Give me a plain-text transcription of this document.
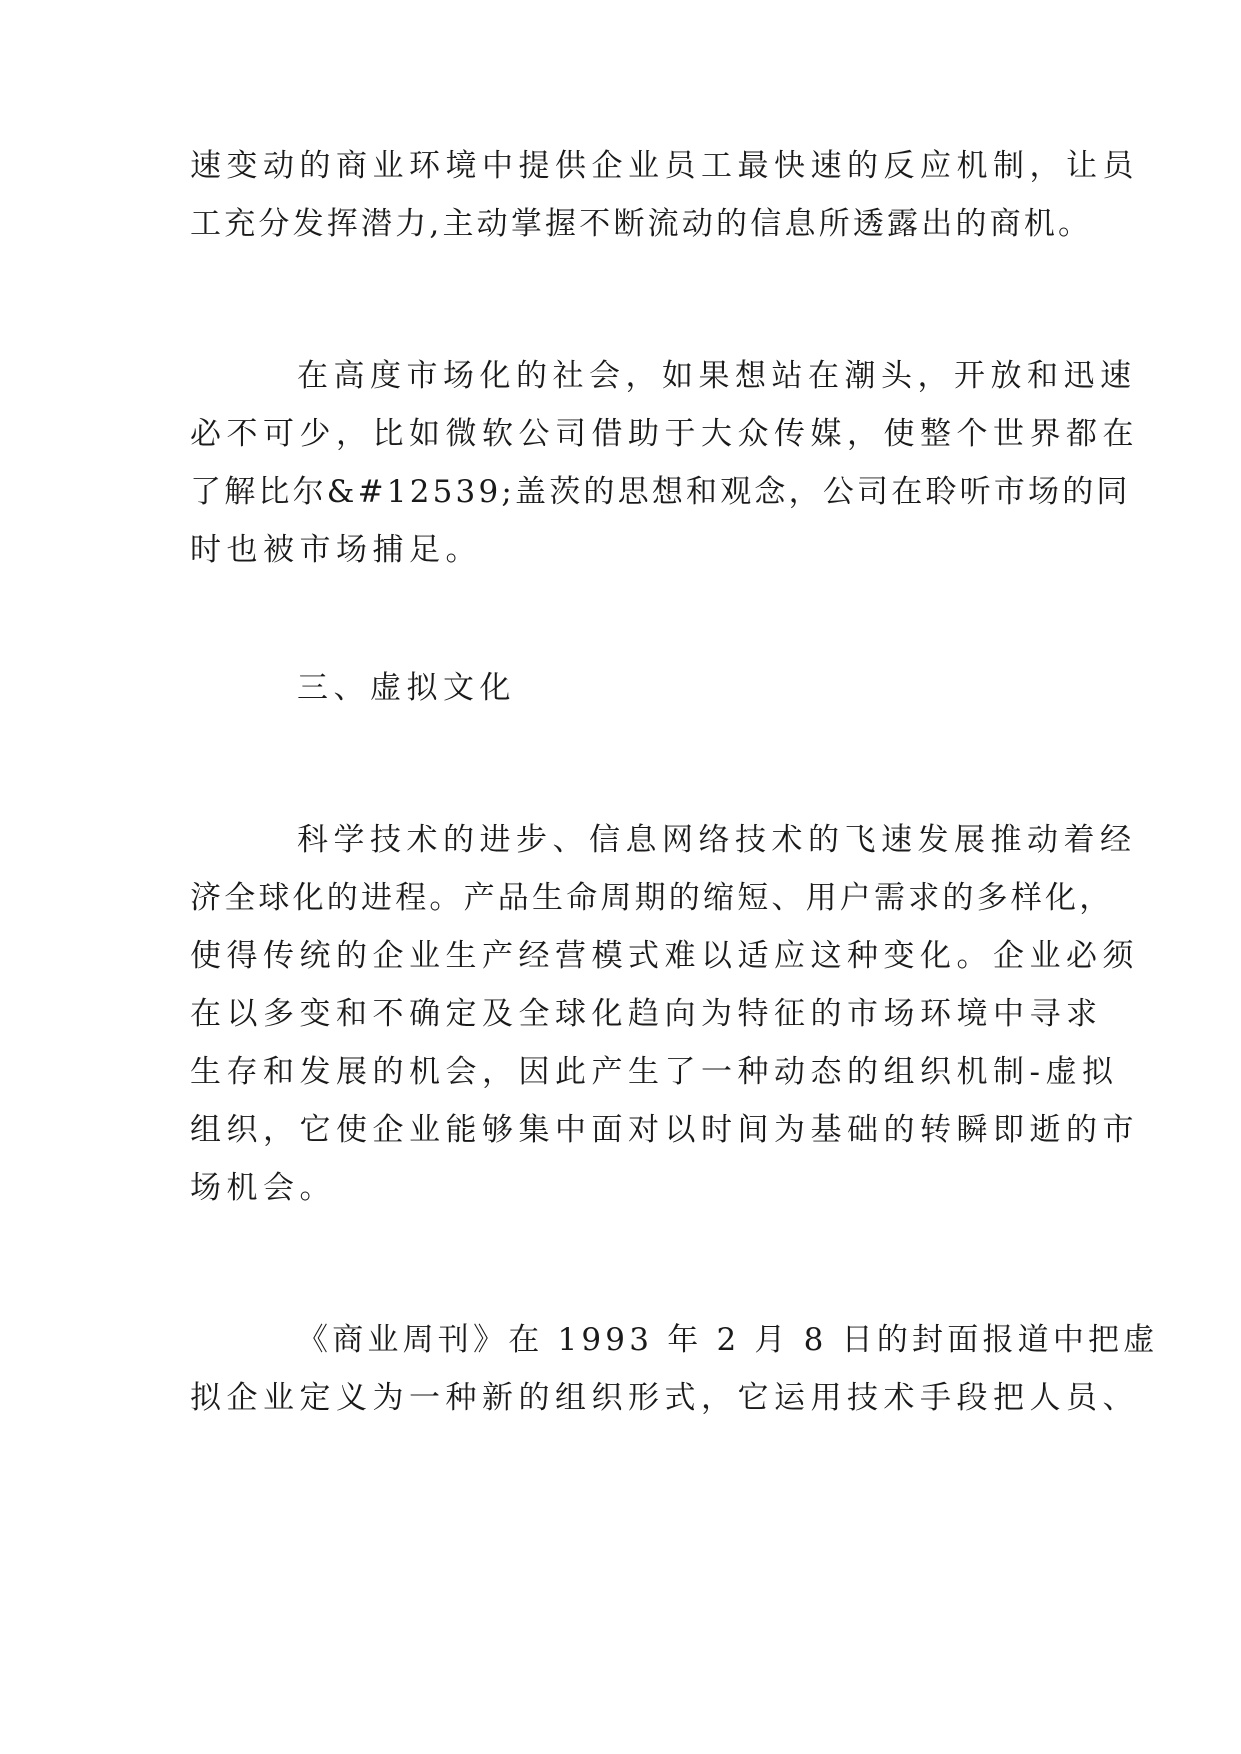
速变动的商业环境中提供企业员工最快速的反应机制，让员
工充分发挥潜力,主动掌握不断流动的信息所透露出的商机。
在高度市场化的社会，如果想站在潮头，开放和迅速
必不可少，比如微软公司借助于大众传媒，使整个世界都在
了解比尔&#12539;盖茨的思想和观念，公司在聆听市场的同
时也被市场捕足。
三、虚拟文化
科学技术的进步、信息网络技术的飞速发展推动着经
济全球化的进程。产品生命周期的缩短、用户需求的多样化，
使得传统的企业生产经营模式难以适应这种变化。企业必须
在以多变和不确定及全球化趋向为特征的市场环境中寻求
生存和发展的机会，因此产生了一种动态的组织机制-虚拟
组织，它使企业能够集中面对以时间为基础的转瞬即逝的市
场机会。
《商业周刊》在 1993 年 2 月 8 日的封面报道中把虚
拟企业定义为一种新的组织形式，它运用技术手段把人员、
